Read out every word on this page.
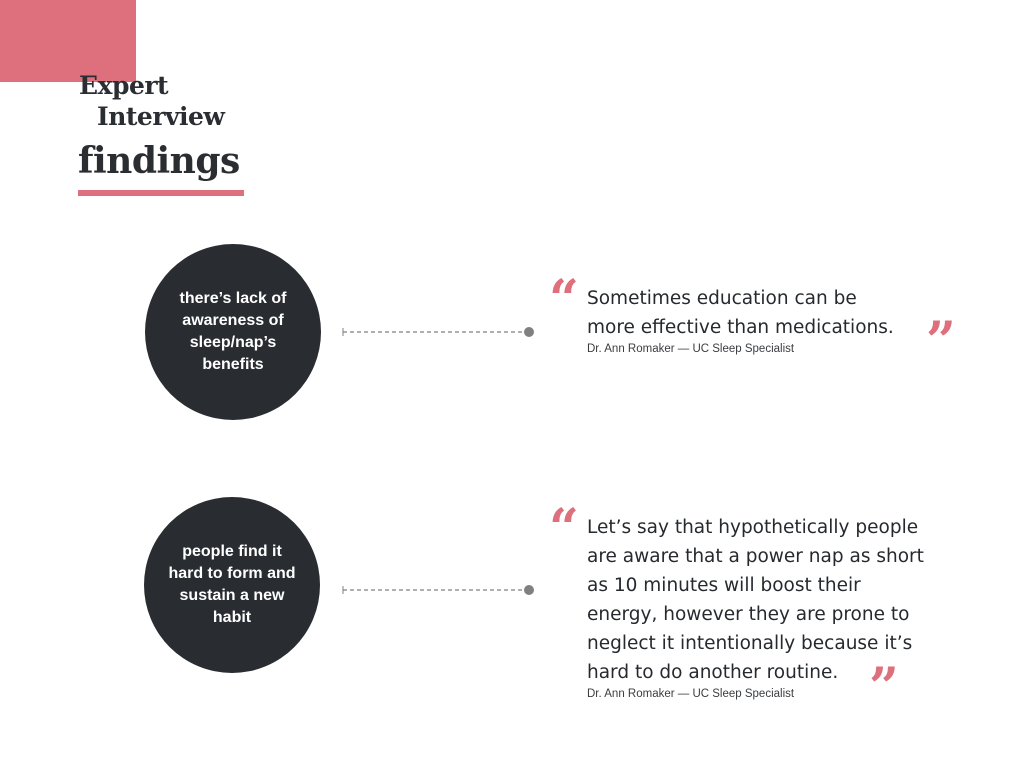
Expert
Interview
findings
there’s lack of awareness of sleep/nap’s benefits
“ Sometimes education can be
more effective than medications. ”
Dr. Ann Romaker — UC Sleep Specialist
people find it hard to form and sustain a new habit
“ Let’s say that hypothetically people
are aware that a power nap as short
as 10 minutes will boost their
energy, however they are prone to
neglect it intentionally because it’s
hard to do another routine. ”
Dr. Ann Romaker — UC Sleep Specialist
